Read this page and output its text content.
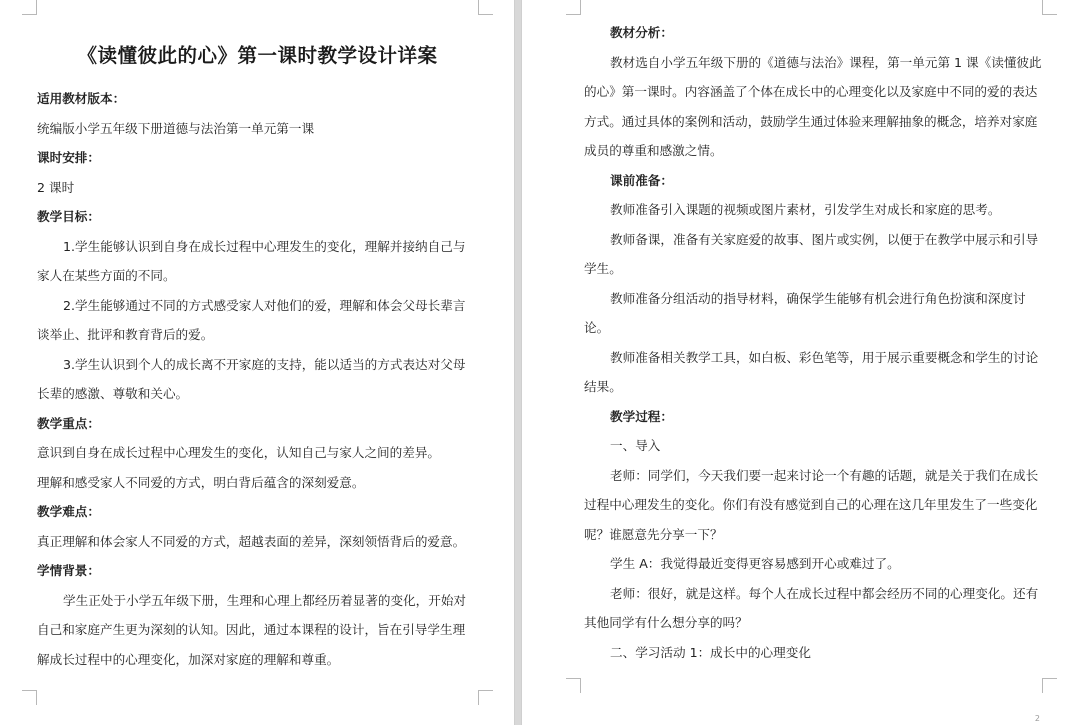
2
《读懂彼此的心》第一课时教学设计详案

适用教材版本：

统编版小学五年级下册道德与法治第一单元第一课

课时安排：

2 课时

教学目标：

1.学生能够认识到自身在成长过程中心理发生的变化，理解并接纳自己与家人在某些方面的不同。

2.学生能够通过不同的方式感受家人对他们的爱，理解和体会父母长辈言谈举止、批评和教育背后的爱。

3.学生认识到个人的成长离不开家庭的支持，能以适当的方式表达对父母长辈的感激、尊敬和关心。

教学重点：

意识到自身在成长过程中心理发生的变化，认知自己与家人之间的差异。

理解和感受家人不同爱的方式，明白背后蕴含的深刻爱意。

教学难点：

真正理解和体会家人不同爱的方式，超越表面的差异，深刻领悟背后的爱意。

学情背景：

学生正处于小学五年级下册，生理和心理上都经历着显著的变化，开始对自己和家庭产生更为深刻的认知。因此，通过本课程的设计，旨在引导学生理解成长过程中的心理变化，加深对家庭的理解和尊重。

教材分析：

教材选自小学五年级下册的《道德与法治》课程，第一单元第 1 课《读懂彼此的心》第一课时。内容涵盖了个体在成长中的心理变化以及家庭中不同的爱的表达方式。通过具体的案例和活动，鼓励学生通过体验来理解抽象的概念，培养对家庭成员的尊重和感激之情。

课前准备：

教师准备引入课题的视频或图片素材，引发学生对成长和家庭的思考。

教师备课，准备有关家庭爱的故事、图片或实例，以便于在教学中展示和引导学生。

教师准备分组活动的指导材料，确保学生能够有机会进行角色扮演和深度讨论。

教师准备相关教学工具，如白板、彩色笔等，用于展示重要概念和学生的讨论结果。

教学过程：

一、导入

老师：同学们，今天我们要一起来讨论一个有趣的话题，就是关于我们在成长过程中心理发生的变化。你们有没有感觉到自己的心理在这几年里发生了一些变化呢？谁愿意先分享一下？

学生 A：我觉得最近变得更容易感到开心或难过了。

老师：很好，就是这样。每个人在成长过程中都会经历不同的心理变化。还有其他同学有什么想分享的吗？

二、学习活动 1：成长中的心理变化
